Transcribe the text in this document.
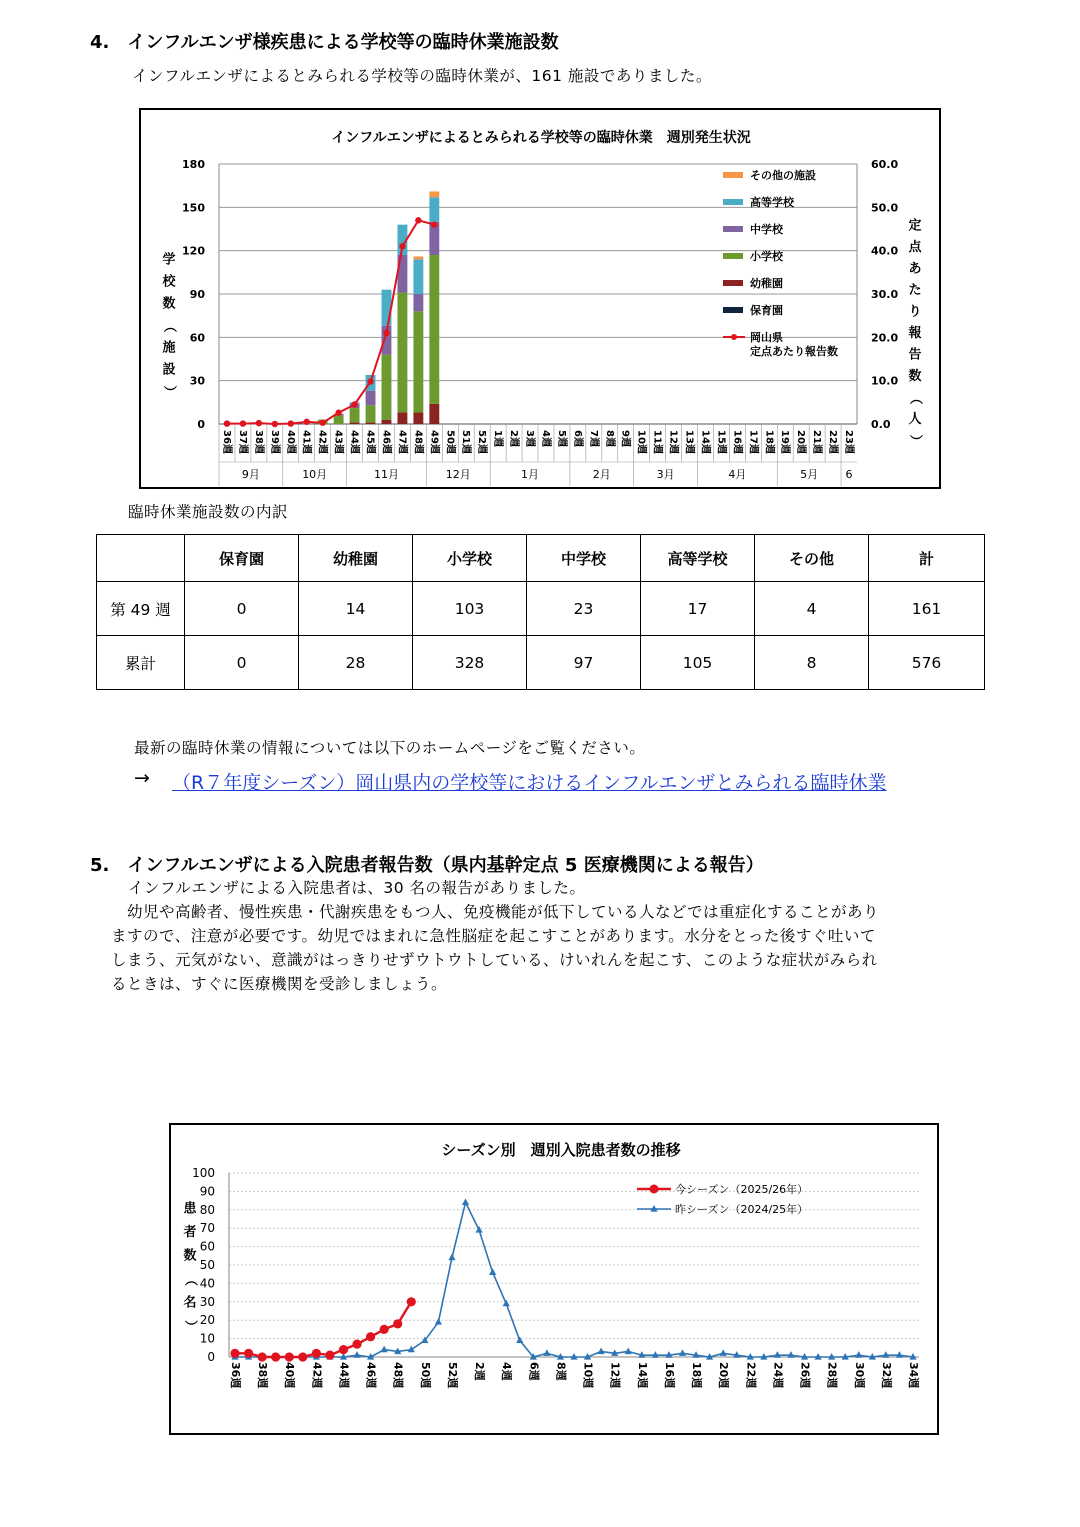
4.　インフルエンザ様疾患による学校等の臨時休業施設数
インフルエンザによるとみられる学校等の臨時休業が、161 施設でありました。
インフルエンザによるとみられる学校等の臨時休業　週別発生状況
0
30
60
90
120
150
180
0.0
10.0
20.0
30.0
40.0
50.0
60.0
学
校
数
（
施
設
）
定
点
あ
た
り
報
告
数
（
人
）
36週 37週 38週 39週 40週 41週 42週 43週 44週 45週 46週 47週 48週 49週 50週 51週 52週 1週 2週 3週 4週 5週 6週 7週 8週 9週 10週 11週 12週 13週 14週 15週 16週 17週 18週 19週 20週 21週 22週 23週
9月	10月	11月	12月	1月	2月	3月	4月	5月 6
その他の施設
高等学校
中学校
小学校
幼稚園
保育園
岡山県
定点あたり報告数
臨時休業施設数の内訳
	保育園	幼稚園	小学校	中学校	高等学校	その他	計
第 49 週	0	14	103	23	17	4	161
累計	0	28	328	97	105	8	576
最新の臨時休業の情報については以下のホームページをご覧ください。
→ （R７年度シーズン）岡山県内の学校等におけるインフルエンザとみられる臨時休業
5.　インフルエンザによる入院患者報告数（県内基幹定点 5 医療機関による報告）
インフルエンザによる入院患者は、30 名の報告がありました。
　幼児や高齢者、慢性疾患・代謝疾患をもつ人、免疫機能が低下している人などでは重症化することがあり
ますので、注意が必要です。幼児ではまれに急性脳症を起こすことがあります。水分をとった後すぐ吐いて
しまう、元気がない、意識がはっきりせずウトウトしている、けいれんを起こす、このような症状がみられ
るときは、すぐに医療機関を受診しましょう。
シーズン別　週別入院患者数の推移
0
10
20
30
40
50
60
70
80
90
100
患
者
数
（
名
）
36週 38週 40週 42週 44週 46週 48週 50週 52週 2週 4週 6週 8週 10週 12週 14週 16週 18週 20週 22週 24週 26週 28週 30週 32週 34週
今シーズン（2025/26年）
昨シーズン（2024/25年）
